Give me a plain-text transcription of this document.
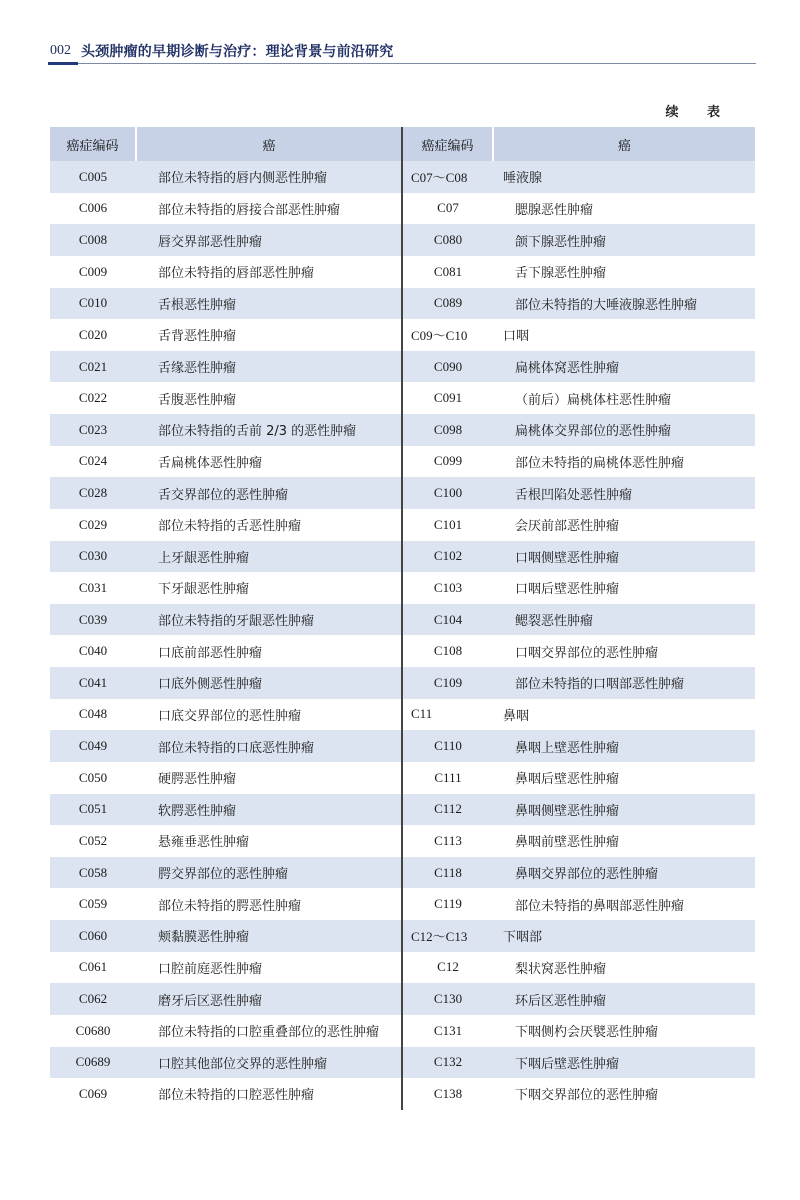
002 头颈肿瘤的早期诊断与治疗：理论背景与前沿研究
续 表
癌症编码	癌	癌症编码	癌
C005	部位未特指的唇内侧恶性肿瘤	C07～C08	唾液腺
C006	部位未特指的唇接合部恶性肿瘤	C07	腮腺恶性肿瘤
C008	唇交界部恶性肿瘤	C080	颌下腺恶性肿瘤
C009	部位未特指的唇部恶性肿瘤	C081	舌下腺恶性肿瘤
C010	舌根恶性肿瘤	C089	部位未特指的大唾液腺恶性肿瘤
C020	舌背恶性肿瘤	C09～C10	口咽
C021	舌缘恶性肿瘤	C090	扁桃体窝恶性肿瘤
C022	舌腹恶性肿瘤	C091	（前后）扁桃体柱恶性肿瘤
C023	部位未特指的舌前 2/3 的恶性肿瘤	C098	扁桃体交界部位的恶性肿瘤
C024	舌扁桃体恶性肿瘤	C099	部位未特指的扁桃体恶性肿瘤
C028	舌交界部位的恶性肿瘤	C100	舌根凹陷处恶性肿瘤
C029	部位未特指的舌恶性肿瘤	C101	会厌前部恶性肿瘤
C030	上牙龈恶性肿瘤	C102	口咽侧壁恶性肿瘤
C031	下牙龈恶性肿瘤	C103	口咽后壁恶性肿瘤
C039	部位未特指的牙龈恶性肿瘤	C104	鳃裂恶性肿瘤
C040	口底前部恶性肿瘤	C108	口咽交界部位的恶性肿瘤
C041	口底外侧恶性肿瘤	C109	部位未特指的口咽部恶性肿瘤
C048	口底交界部位的恶性肿瘤	C11	鼻咽
C049	部位未特指的口底恶性肿瘤	C110	鼻咽上壁恶性肿瘤
C050	硬腭恶性肿瘤	C111	鼻咽后壁恶性肿瘤
C051	软腭恶性肿瘤	C112	鼻咽侧壁恶性肿瘤
C052	悬雍垂恶性肿瘤	C113	鼻咽前壁恶性肿瘤
C058	腭交界部位的恶性肿瘤	C118	鼻咽交界部位的恶性肿瘤
C059	部位未特指的腭恶性肿瘤	C119	部位未特指的鼻咽部恶性肿瘤
C060	颊黏膜恶性肿瘤	C12～C13	下咽部
C061	口腔前庭恶性肿瘤	C12	梨状窝恶性肿瘤
C062	磨牙后区恶性肿瘤	C130	环后区恶性肿瘤
C0680	部位未特指的口腔重叠部位的恶性肿瘤	C131	下咽侧杓会厌襞恶性肿瘤
C0689	口腔其他部位交界的恶性肿瘤	C132	下咽后壁恶性肿瘤
C069	部位未特指的口腔恶性肿瘤	C138	下咽交界部位的恶性肿瘤
